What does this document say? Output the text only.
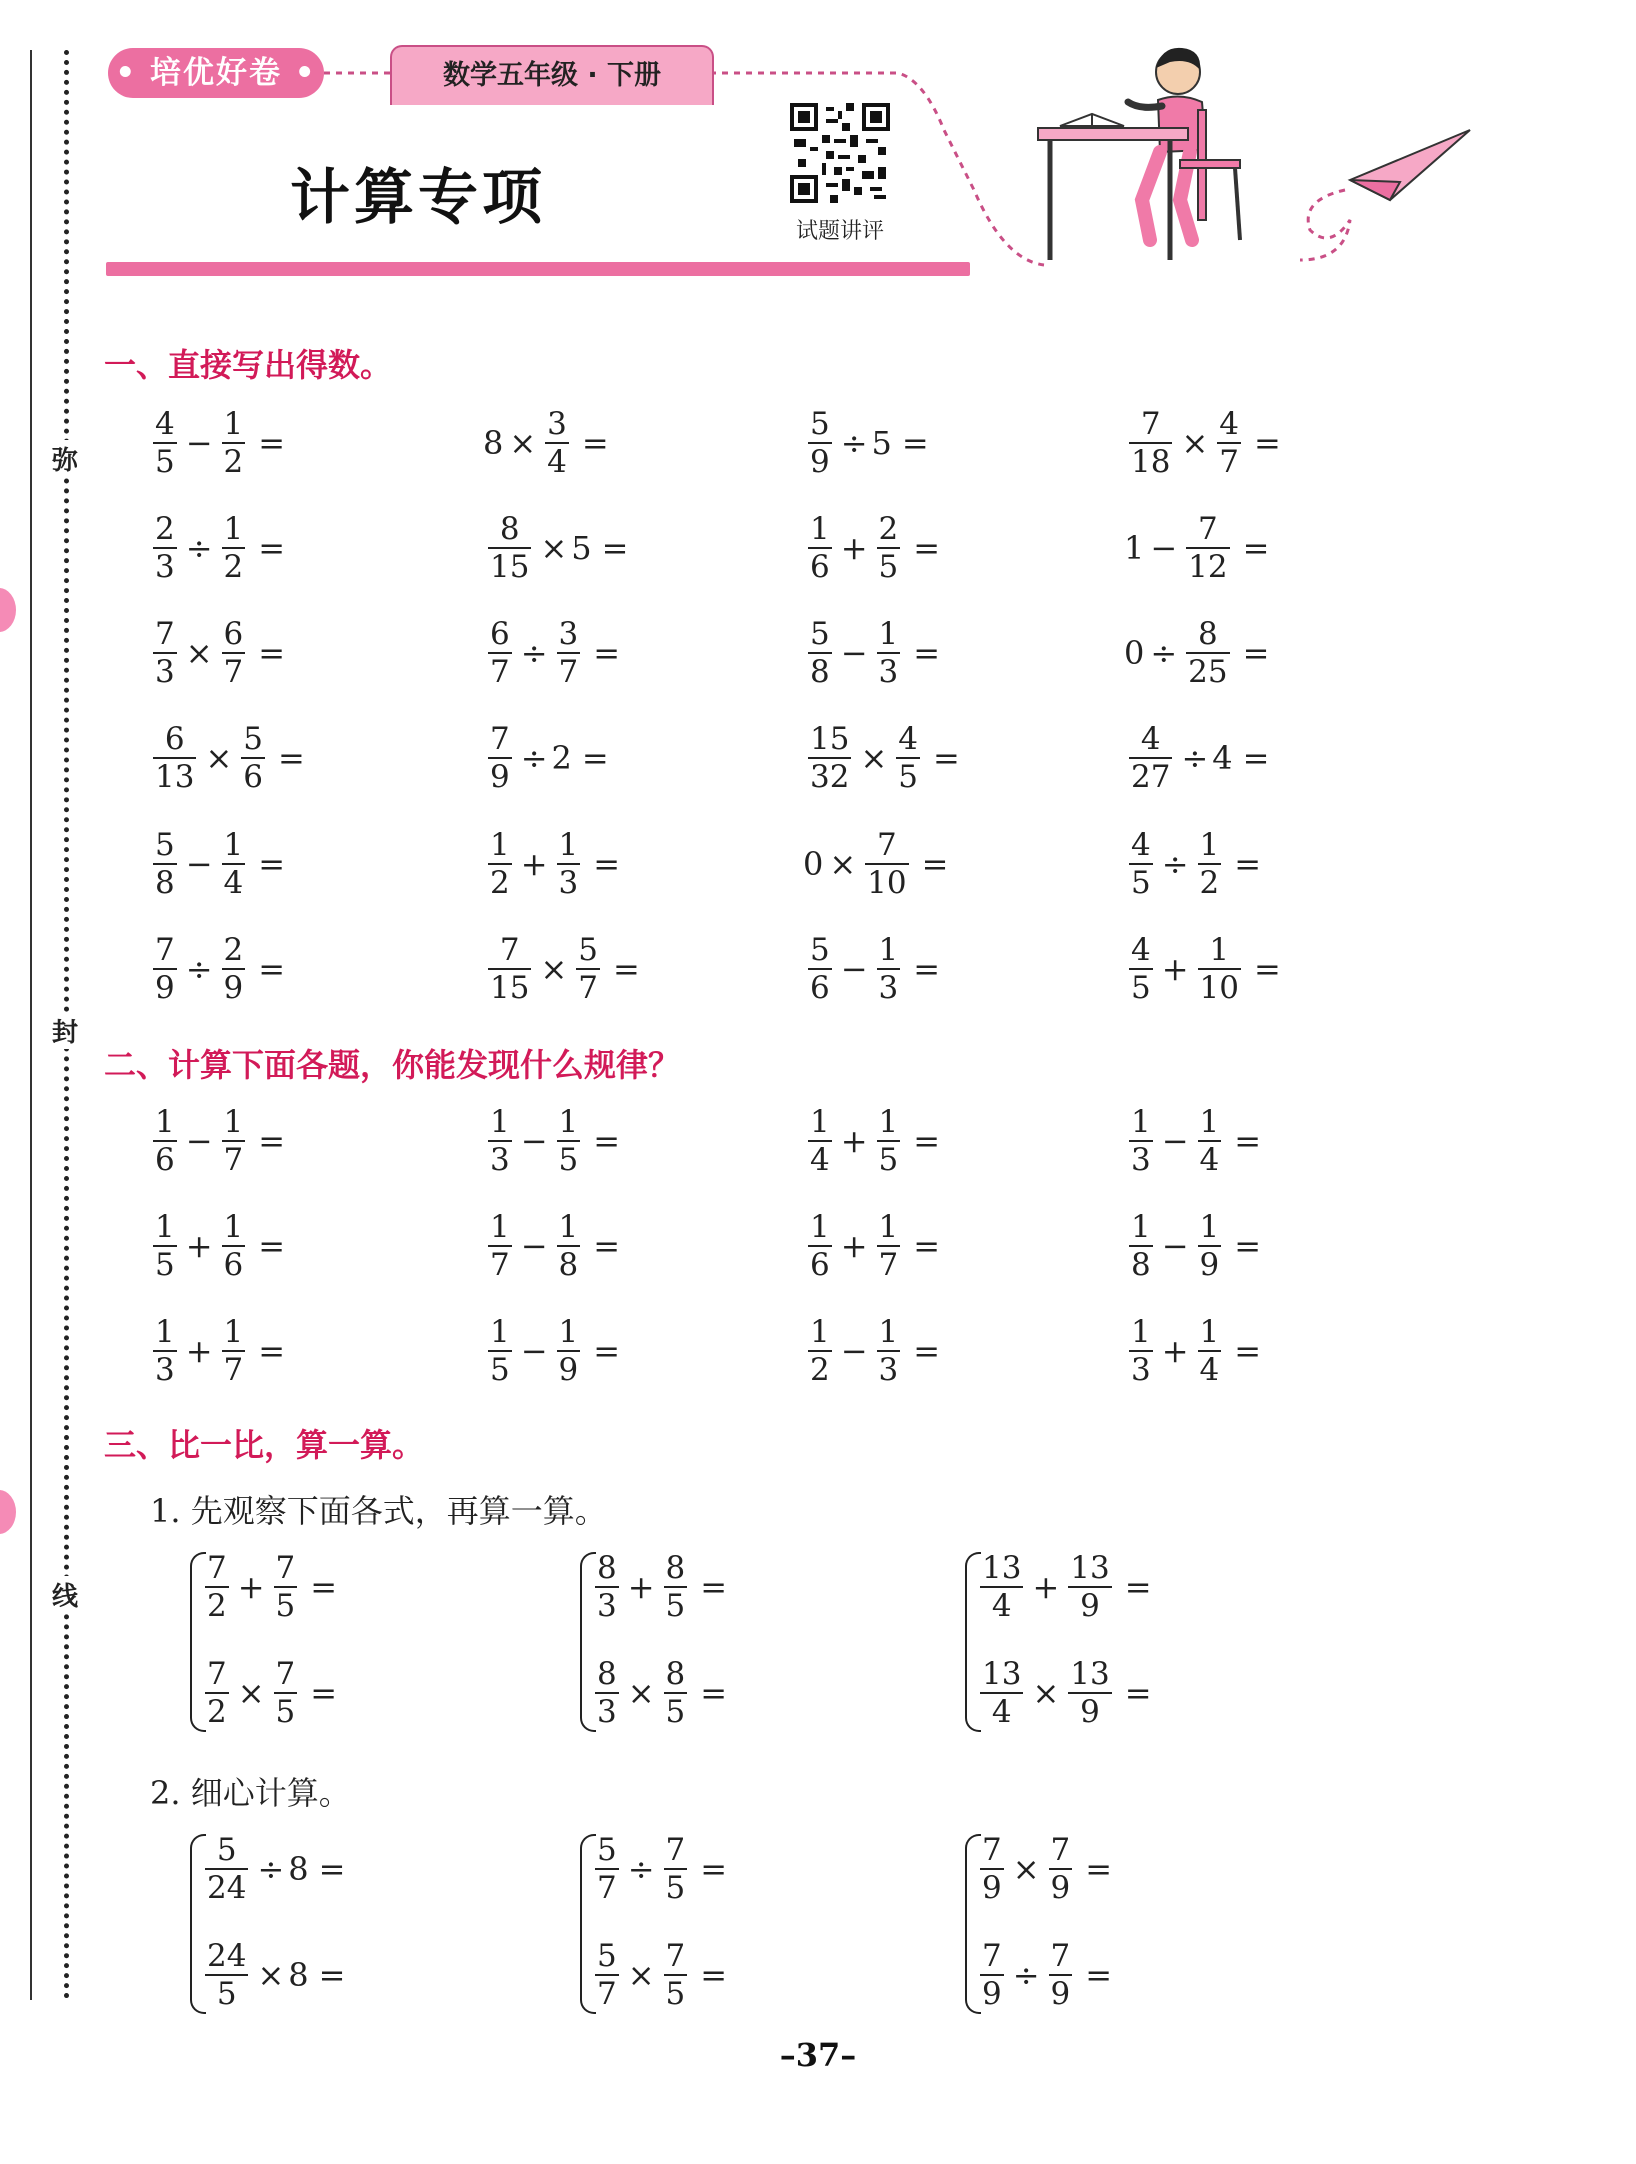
弥
封
线
• 培优好卷 •	数学五年级 · 下册
计算专项	试题讲评
一、直接写出得数。
二、计算下面各题，你能发现什么规律？
三、比一比，算一算。
1. 先观察下面各式，再算一算。
2. 细心计算。
$\frac{4}{5} - \frac{1}{2}$ =	$8 \times \frac{3}{4}$ =	$\frac{5}{9} \div 5$ =	$\frac{7}{18} \times \frac{4}{7}$ =
$\frac{2}{3} \div \frac{1}{2}$ =	$\frac{8}{15} \times 5$ =	$\frac{1}{6} + \frac{2}{5}$ =	$1 - \frac{7}{12}$ =
$\frac{7}{3} \times \frac{6}{7}$ =	$\frac{6}{7} \div \frac{3}{7}$ =	$\frac{5}{8} - \frac{1}{3}$ =	$0 \div \frac{8}{25}$ =
$\frac{6}{13} \times \frac{5}{6}$ =	$\frac{7}{9} \div 2$ =	$\frac{15}{32} \times \frac{4}{5}$ =	$\frac{4}{27} \div 4$ =
$\frac{5}{8} - \frac{1}{4}$ =	$\frac{1}{2} + \frac{1}{3}$ =	$0 \times \frac{7}{10}$ =	$\frac{4}{5} \div \frac{1}{2}$ =
$\frac{7}{9} \div \frac{2}{9}$ =	$\frac{7}{15} \times \frac{5}{7}$ =	$\frac{5}{6} - \frac{1}{3}$ =	$\frac{4}{5} + \frac{1}{10}$ =
$\frac{1}{6} - \frac{1}{7}$ =	$\frac{1}{3} - \frac{1}{5}$ =	$\frac{1}{4} + \frac{1}{5}$ =	$\frac{1}{3} - \frac{1}{4}$ =
$\frac{1}{5} + \frac{1}{6}$ =	$\frac{1}{7} - \frac{1}{8}$ =	$\frac{1}{6} + \frac{1}{7}$ =	$\frac{1}{8} - \frac{1}{9}$ =
$\frac{1}{3} + \frac{1}{7}$ =	$\frac{1}{5} - \frac{1}{9}$ =	$\frac{1}{2} - \frac{1}{3}$ =	$\frac{1}{3} + \frac{1}{4}$ =
$\frac{7}{2} + \frac{7}{5}$ =
$\frac{7}{2} \times \frac{7}{5}$ =
$\frac{8}{3} + \frac{8}{5}$ =
$\frac{8}{3} \times \frac{8}{5}$ =
$\frac{13}{4} + \frac{13}{9}$ =
$\frac{13}{4} \times \frac{13}{9}$ =
$\frac{5}{24} \div 8$ =
$\frac{24}{5} \times 8$ =
$\frac{5}{7} \div \frac{7}{5}$ =
$\frac{5}{7} \times \frac{7}{5}$ =
$\frac{7}{9} \times \frac{7}{9}$ =
$\frac{7}{9} \div \frac{7}{9}$ =
–37–
